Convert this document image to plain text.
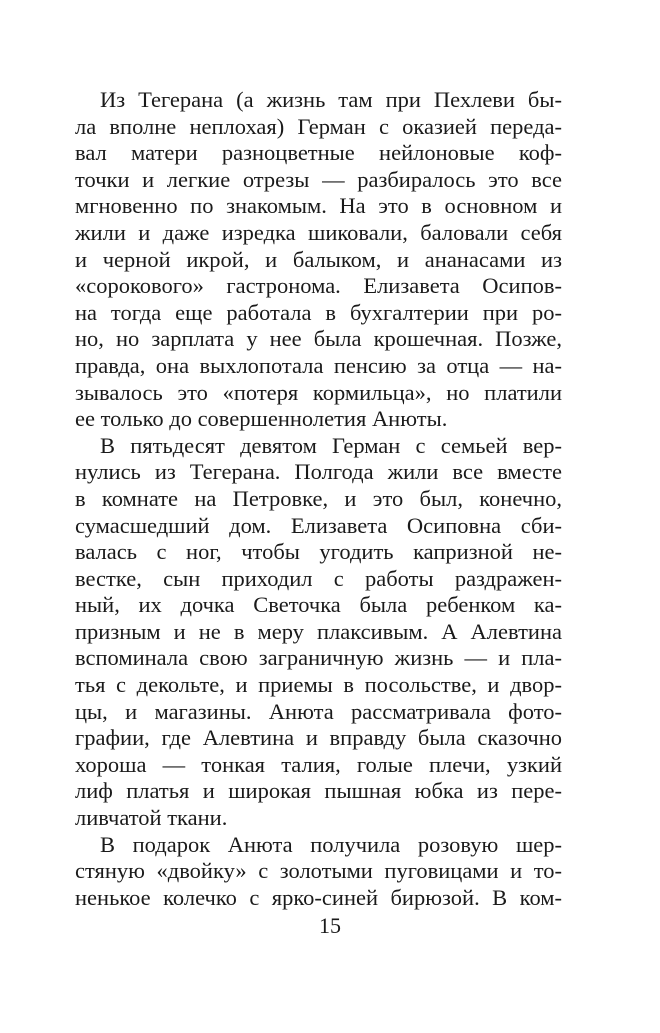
Из Тегерана (а жизнь там при Пехлеви бы-
ла вполне неплохая) Герман с оказией переда-
вал матери разноцветные нейлоновые коф-
точки и легкие отрезы — разбиралось это все
мгновенно по знакомым. На это в основном и
жили и даже изредка шиковали, баловали себя
и черной икрой, и балыком, и ананасами из
«сорокового» гастронома. Елизавета Осипов-
на тогда еще работала в бухгалтерии при ро-
но, но зарплата у нее была крошечная. Позже,
правда, она выхлопотала пенсию за отца — на-
зывалось это «потеря кормильца», но платили
ее только до совершеннолетия Анюты.
В пятьдесят девятом Герман с семьей вер-
нулись из Тегерана. Полгода жили все вместе
в комнате на Петровке, и это был, конечно,
сумасшедший дом. Елизавета Осиповна сби-
валась с ног, чтобы угодить капризной не-
вестке, сын приходил с работы раздражен-
ный, их дочка Светочка была ребенком ка-
призным и не в меру плаксивым. А Алевтина
вспоминала свою заграничную жизнь — и пла-
тья с декольте, и приемы в посольстве, и двор-
цы, и магазины. Анюта рассматривала фото-
графии, где Алевтина и вправду была сказочно
хороша — тонкая талия, голые плечи, узкий
лиф платья и широкая пышная юбка из пере-
ливчатой ткани.
В подарок Анюта получила розовую шер-
стяную «двойку» с золотыми пуговицами и то-
ненькое колечко с ярко-синей бирюзой. В ком-
15
